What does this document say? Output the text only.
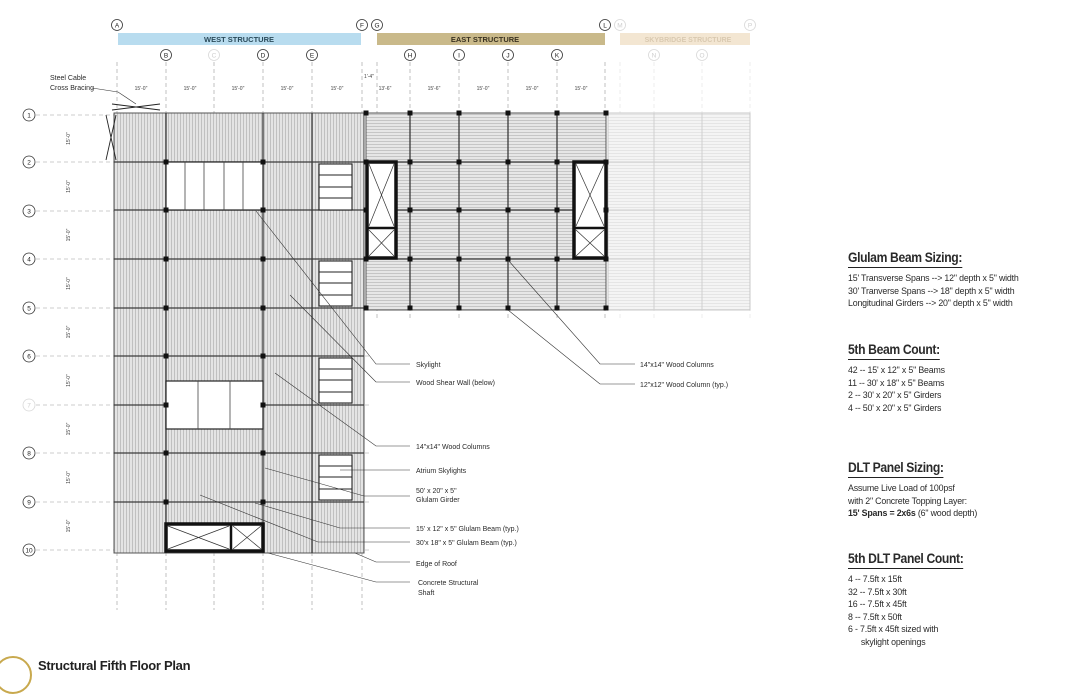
WEST STRUCTURE	EAST STRUCTURE	SKYBRIDGE STRUCTURE
A	F G	L M	P
B	C	D	E	H	I	J	K	N	O
1
2
3
4
5
6
7
8
9
10
Steel Cable
Cross Bracing
Skylight
Wood Shear Wall (below)
14"x14" Wood Columns
Atrium Skylights
50' x 20" x 5"
Glulam Girder
15' x 12" x 5" Glulam Beam (typ.)
30'x 18" x 5" Glulam Beam (typ.)
Edge of Roof
Concrete Structural
Shaft
14"x14" Wood Columns
12"x12" Wood Column (typ.)
15'-0"	15'-0"	15'-0"	15'-0"	15'-0"	13'-6"	15'-6"	15'-0"	15'-0"	15'-0"
1'-4"
15'-0"
15'-0"
15'-0"
15'-0"
15'-0"
15'-0"
15'-0"
15'-0"
15'-0"
Glulam Beam Sizing:
15' Transverse Spans --> 12" depth x 5" width
30' Tranverse Spans --> 18" depth x 5" width
Longitudinal Girders --> 20" depth x 5" width
5th Beam Count:
42 -- 15' x 12" x 5" Beams
11 -- 30' x 18" x 5" Beams
2 -- 30' x 20" x 5" Girders
4 -- 50' x 20" x 5" Girders
DLT Panel Sizing:
Assume Live Load of 100psf
with 2" Concrete Topping Layer:
15' Spans = 2x6s (6" wood depth)
5th DLT Panel Count:
4 -- 7.5ft x 15ft
32 -- 7.5ft x 30ft
16 -- 7.5ft x 45ft
8 -- 7.5ft x 50ft
6 - 7.5ft x 45ft sized with
skylight openings
Structural Fifth Floor Plan
